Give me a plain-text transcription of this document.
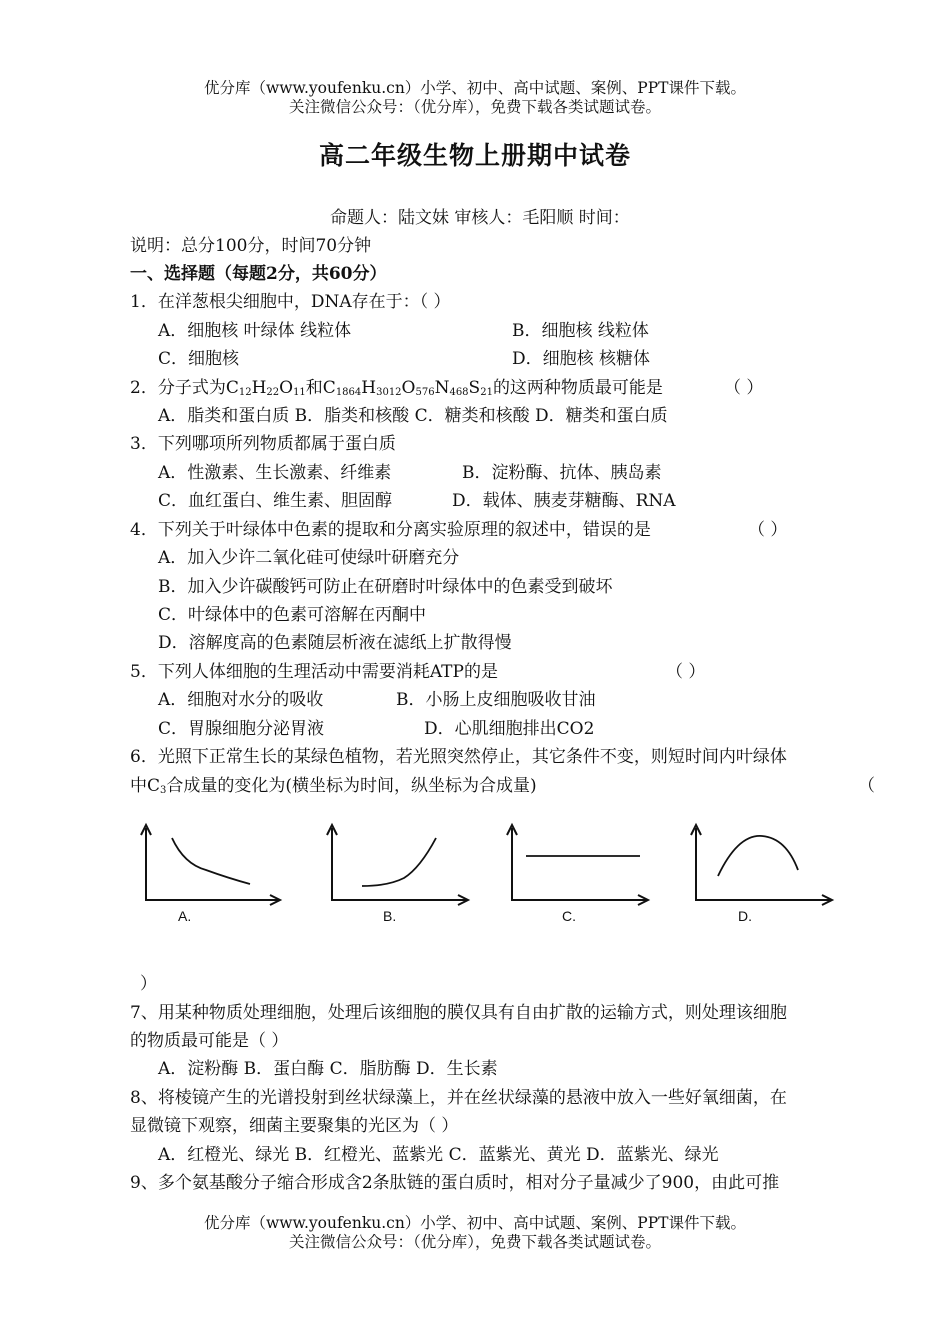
优分库（www.youfenku.cn）小学、初中、高中试题、案例、PPT课件下载。
关注微信公众号：（优分库），免费下载各类试题试卷。
高二年级生物上册期中试卷
命题人：陆文妹 审核人：毛阳顺 时间：
说明：总分100分，时间70分钟
一、选择题（每题2分，共60分）
1．在洋葱根尖细胞中，DNA存在于：（ ）
A．细胞核 叶绿体 线粒体	B．细胞核 线粒体
C．细胞核	D．细胞核 核糖体
2．分子式为$C_{12}H_{22}O_{11}$和$C_{1864}H_{3012}O_{576}N_{468}S_{21}$的这两种物质最可能是	（ ）
A．脂类和蛋白质 B．脂类和核酸 C．糖类和核酸 D．糖类和蛋白质
3．下列哪项所列物质都属于蛋白质
A．性激素、生长激素、纤维素	B．淀粉酶、抗体、胰岛素
C．血红蛋白、维生素、胆固醇	D．载体、胰麦芽糖酶、RNA
4．下列关于叶绿体中色素的提取和分离实验原理的叙述中，错误的是	（ ）
A．加入少许二氧化硅可使绿叶研磨充分
B．加入少许碳酸钙可防止在研磨时叶绿体中的色素受到破坏
C．叶绿体中的色素可溶解在丙酮中
D．溶解度高的色素随层析液在滤纸上扩散得慢
5．下列人体细胞的生理活动中需要消耗ATP的是	（ ）
A．细胞对水分的吸收	B．小肠上皮细胞吸收甘油
C．胃腺细胞分泌胃液	D．心肌细胞排出CO2
6．光照下正常生长的某绿色植物，若光照突然停止，其它条件不变，则短时间内叶绿体
中$C_3$合成量的变化为(横坐标为时间，纵坐标为合成量)	（
A.	B.	C.	D.
）
7、用某种物质处理细胞，处理后该细胞的膜仅具有自由扩散的运输方式，则处理该细胞
的物质最可能是（ ）
A．淀粉酶 B．蛋白酶 C．脂肪酶 D．生长素
8、将棱镜产生的光谱投射到丝状绿藻上，并在丝状绿藻的悬液中放入一些好氧细菌，在
显微镜下观察，细菌主要聚集的光区为（ ）
A．红橙光、绿光 B．红橙光、蓝紫光 C．蓝紫光、黄光 D．蓝紫光、绿光
9、多个氨基酸分子缩合形成含2条肽链的蛋白质时，相对分子量减少了900，由此可推
优分库（www.youfenku.cn）小学、初中、高中试题、案例、PPT课件下载。
关注微信公众号：（优分库），免费下载各类试题试卷。
